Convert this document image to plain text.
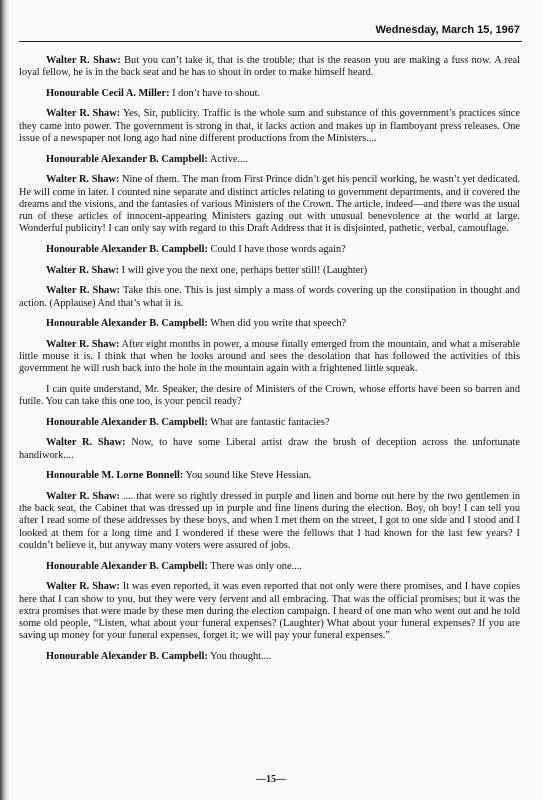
Wednesday, March 15, 1967

Walter R. Shaw: But you can’t take it, that is the trouble; that is the reason you are making a fuss now. A real loyal fellow, he is in the back seat and he has to shout in order to make himself heard.

Honourable Cecil A. Miller: I don’t have to shout.

Walter R. Shaw: Yes, Sir, publicity. Traffic is the whole sum and substance of this government’s practices since they came into power. The government is strong in that, it lacks action and makes up in flamboyant press releases. One issue of a newspaper not long ago had nine different productions from the Ministers....

Honourable Alexander B. Campbell: Active....

Walter R. Shaw: Nine of them. The man from First Prince didn’t get his pencil working, he wasn’t yet dedicated. He will come in later. I counted nine separate and distinct articles relating to government departments, and it covered the dreams and the visions, and the fantasies of various Ministers of the Crown. The article, indeed—and there was the usual run of these articles of innocent-appearing Ministers gazing out with unusual benevolence at the world at large. Wonderful publicity! I can only say with regard to this Draft Address that it is disjointed, pathetic, verbal, camouflage.

Honourable Alexander B. Campbell: Could I have those words again?

Walter R. Shaw: I will give you the next one, perhaps better still! (Laughter)

Walter R. Shaw: Take this one. This is just simply a mass of words covering up the constipation in thought and action. (Applause) And that’s what it is.

Honourable Alexander B. Campbell: When did you write that speech?

Walter R. Shaw: After eight months in power, a mouse finally emerged from the mountain, and what a miserable little mouse it is. I think that when he looks around and sees the desolation that has followed the activities of this government he will rush back into the hole in the mountain again with a frightened little squeak.

I can quite understand, Mr. Speaker, the desire of Ministers of the Crown, whose efforts have been so barren and futile. You can take this one too, is your pencil ready?

Honourable Alexander B. Campbell: What are fantastic fantacies?

Walter R. Shaw: Now, to have some Liberal artist draw the brush of deception across the unfortunate handiwork....

Honourable M. Lorne Bonnell: You sound like Steve Hessian.

Walter R. Shaw: .... that were so rightly dressed in purple and linen and borne out here by the two gentlemen in the back seat, the Cabinet that was dressed up in purple and fine linens during the election. Boy, oh boy! I can tell you after I read some of these addresses by these boys, and when I met them on the street, I got to one side and I stood and I looked at them for a long time and I wondered if these were the fellows that I had known for the last few years? I couldn’t believe it, but anyway many voters were assured of jobs.

Honourable Alexander B. Campbell: There was only one....

Walter R. Shaw: It was even reported, it was even reported that not only were there promises, and I have copies here that I can show to you, but they were very fervent and all embracing. That was the official promises; but it was the extra promises that were made by these men during the election campaign. I heard of one man who went out and he told some old people, “Listen, what about your funeral expenses? (Laughter) What about your funeral expenses? If you are saving up money for your funeral expenses, forget it; we will pay your funeral expenses.”

Honourable Alexander B. Campbell: You thought....

—15—
